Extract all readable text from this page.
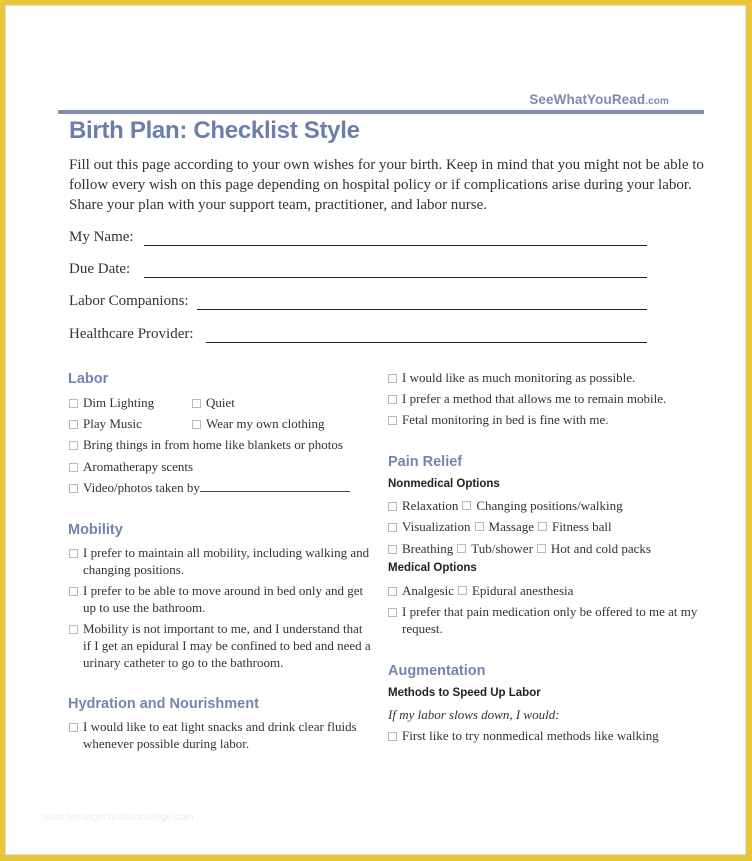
SeeWhatYouRead.com
Birth Plan: Checklist Style

Fill out this page according to your own wishes for your birth. Keep in mind that you might not be able to follow every wish on this page depending on hospital policy or if complications arise during your labor. Share your plan with your support team, practitioner, and labor nurse.

My Name:
Due Date:
Labor Companions:
Healthcare Provider:
Labor
Dim Lighting	Quiet
Play Music	Wear my own clothing
Bring things in from home like blankets or photos
Aromatherapy scents
Video/photos taken by
Mobility
I prefer to maintain all mobility, including walking and changing positions.
I prefer to be able to move around in bed only and get up to use the bathroom.
Mobility is not important to me, and I understand that if I get an epidural I may be confined to bed and need a urinary catheter to go to the bathroom.
Hydration and Nourishment
I would like to eat light snacks and drink clear fluids whenever possible during labor.
I would like as much monitoring as possible.
I prefer a method that allows me to remain mobile.
Fetal monitoring in bed is fine with me.
Pain Relief
Nonmedical Options
Relaxation Changing positions/walking
Visualization Massage Fitness ball
Breathing Tub/shower Hot and cold packs
Medical Options
Analgesic Epidural anesthesia
I prefer that pain medication only be offered to me at my request.
Augmentation
Methods to Speed Up Labor
If my labor slows down, I would:
First like to try nonmedical methods like walking
www.heritagechristiancollege.com
